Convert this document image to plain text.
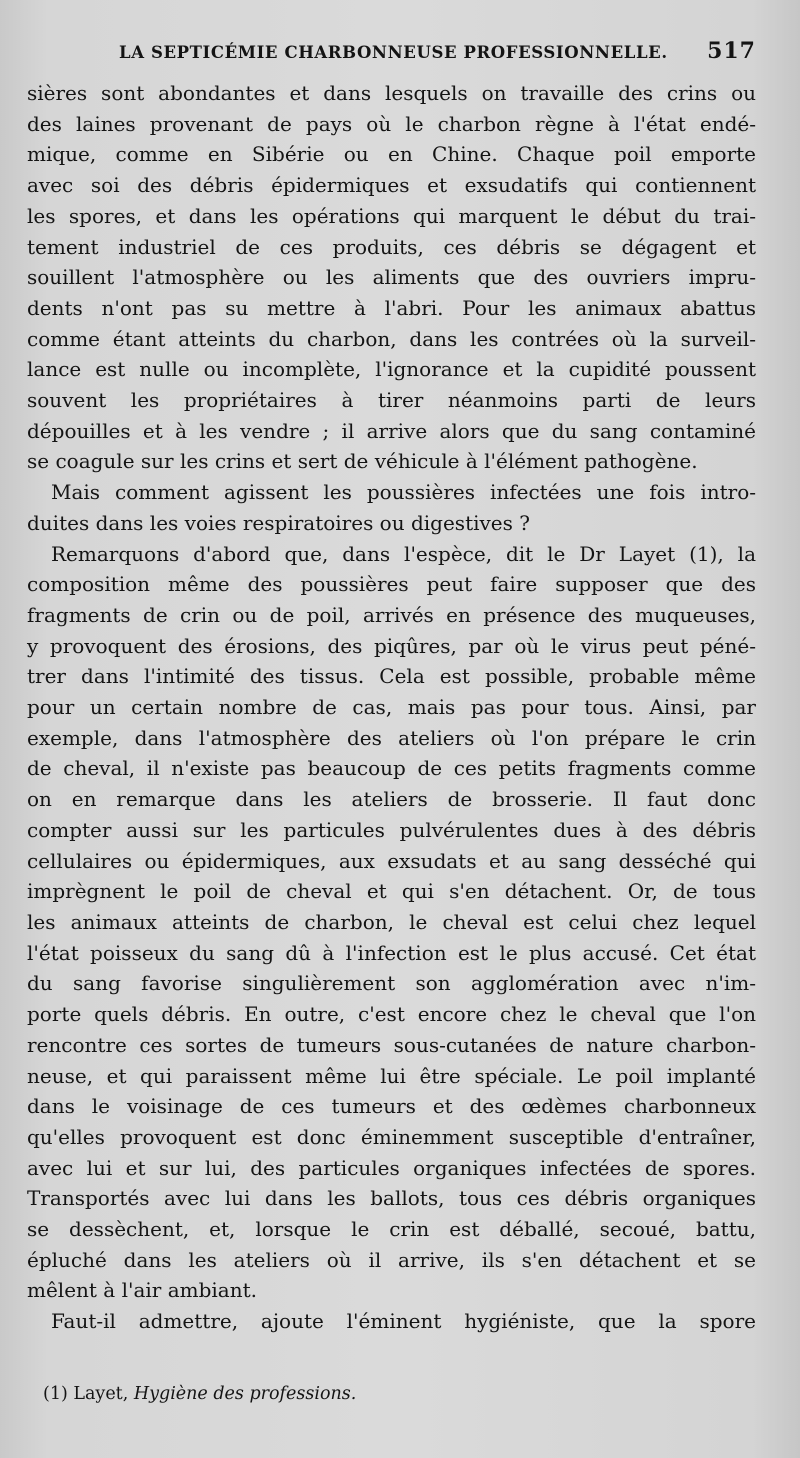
LA SEPTICÉMIE CHARBONNEUSE PROFESSIONNELLE. 517

sières sont abondantes et dans lesquels on travaille des crins ou

des laines provenant de pays où le charbon règne à l'état endé-

mique, comme en Sibérie ou en Chine. Chaque poil emporte

avec soi des débris épidermiques et exsudatifs qui contiennent

les spores, et dans les opérations qui marquent le début du trai-

tement industriel de ces produits, ces débris se dégagent et

souillent l'atmosphère ou les aliments que des ouvriers impru-

dents n'ont pas su mettre à l'abri. Pour les animaux abattus

comme étant atteints du charbon, dans les contrées où la surveil-

lance est nulle ou incomplète, l'ignorance et la cupidité poussent

souvent les propriétaires à tirer néanmoins parti de leurs

dépouilles et à les vendre ; il arrive alors que du sang contaminé

se coagule sur les crins et sert de véhicule à l'élément pathogène.

Mais comment agissent les poussières infectées une fois intro-

duites dans les voies respiratoires ou digestives ?

Remarquons d'abord que, dans l'espèce, dit le Dr Layet (1), la

composition même des poussières peut faire supposer que des

fragments de crin ou de poil, arrivés en présence des muqueuses,

y provoquent des érosions, des piqûres, par où le virus peut péné-

trer dans l'intimité des tissus. Cela est possible, probable même

pour un certain nombre de cas, mais pas pour tous. Ainsi, par

exemple, dans l'atmosphère des ateliers où l'on prépare le crin

de cheval, il n'existe pas beaucoup de ces petits fragments comme

on en remarque dans les ateliers de brosserie. Il faut donc

compter aussi sur les particules pulvérulentes dues à des débris

cellulaires ou épidermiques, aux exsudats et au sang desséché qui

imprègnent le poil de cheval et qui s'en détachent. Or, de tous

les animaux atteints de charbon, le cheval est celui chez lequel

l'état poisseux du sang dû à l'infection est le plus accusé. Cet état

du sang favorise singulièrement son agglomération avec n'im-

porte quels débris. En outre, c'est encore chez le cheval que l'on

rencontre ces sortes de tumeurs sous-cutanées de nature charbon-

neuse, et qui paraissent même lui être spéciale. Le poil implanté

dans le voisinage de ces tumeurs et des œdèmes charbonneux

qu'elles provoquent est donc éminemment susceptible d'entraîner,

avec lui et sur lui, des particules organiques infectées de spores.

Transportés avec lui dans les ballots, tous ces débris organiques

se dessèchent, et, lorsque le crin est déballé, secoué, battu,

épluché dans les ateliers où il arrive, ils s'en détachent et se

mêlent à l'air ambiant.

Faut-il admettre, ajoute l'éminent hygiéniste, que la spore

(1) Layet, Hygiène des professions.
